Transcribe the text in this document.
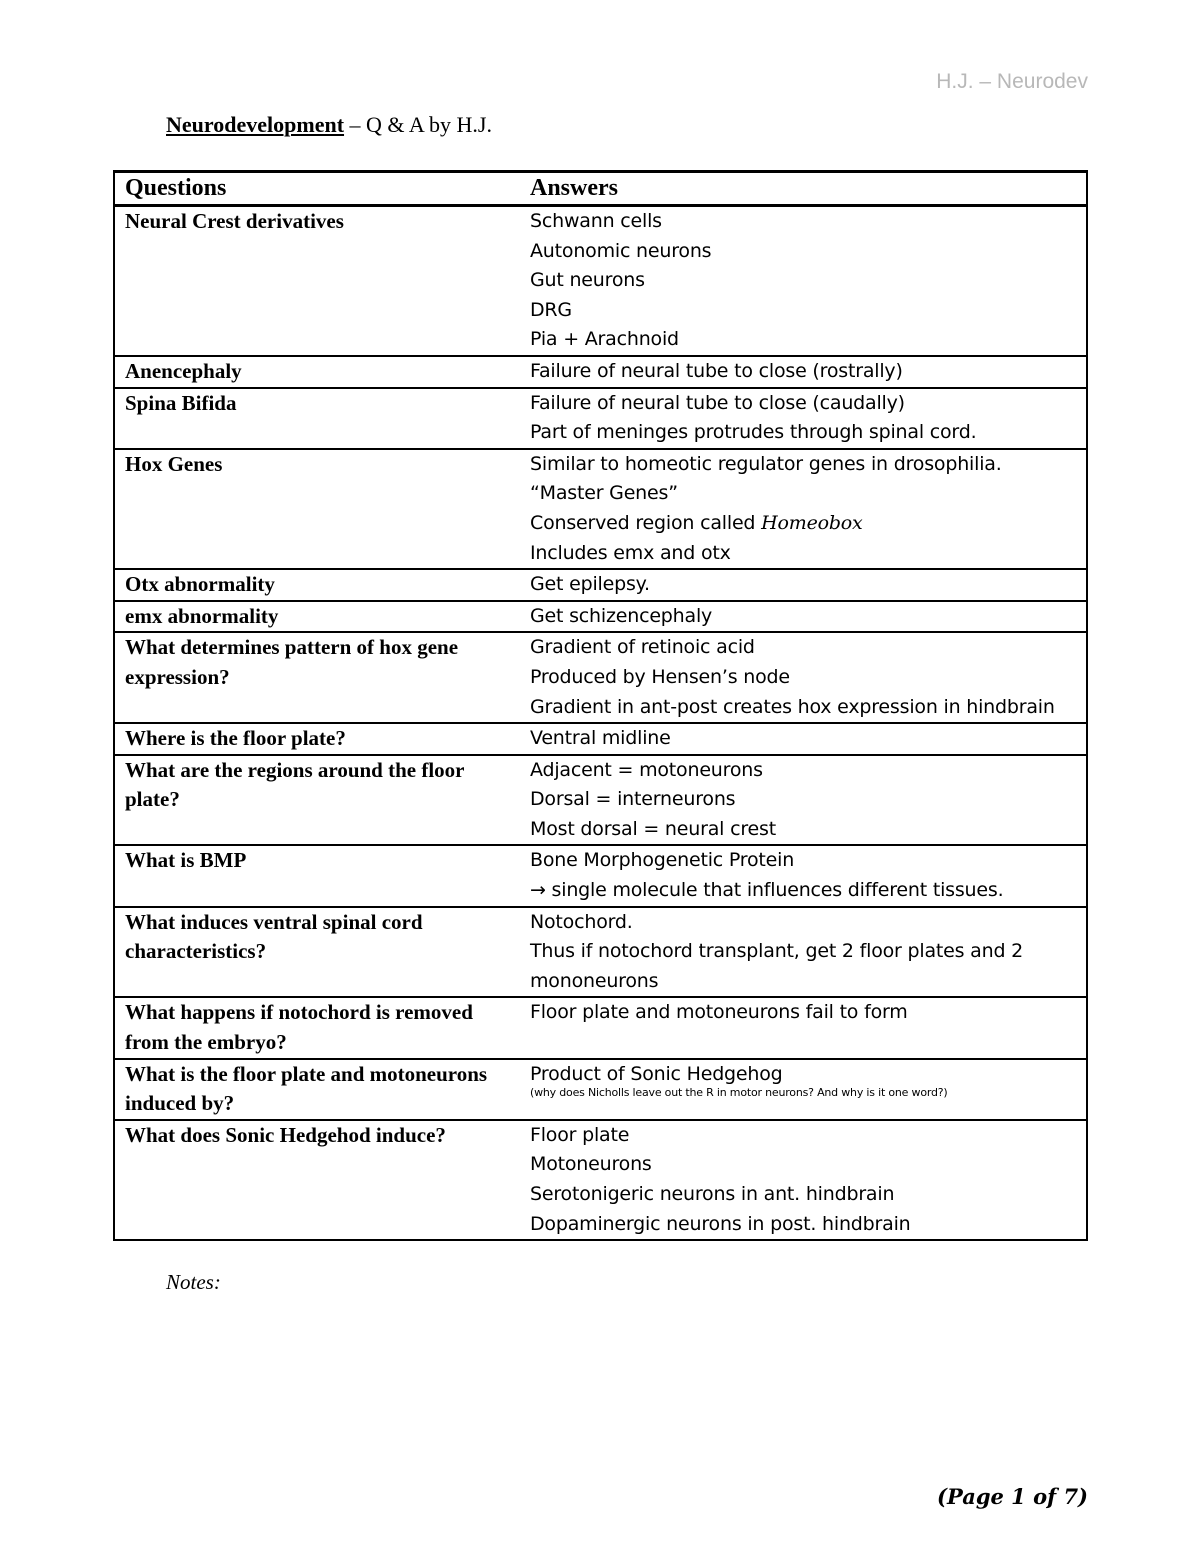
H.J. – Neurodev
Neurodevelopment – Q & A by H.J.
Questions	Answers
Neural Crest derivatives	Schwann cells
Autonomic neurons
Gut neurons
DRG
Pia + Arachnoid

Anencephaly	Failure of neural tube to close (rostrally)

Spina Bifida	Failure of neural tube to close (caudally)
Part of meninges protrudes through spinal cord.

Hox Genes	Similar to homeotic regulator genes in drosophilia.
“Master Genes”
Conserved region called Homeobox
Includes emx and otx

Otx abnormality	Get epilepsy.

emx abnormality	Get schizencephaly

What determines pattern of hox gene expression?	Gradient of retinoic acid
Produced by Hensen’s node
Gradient in ant-post creates hox expression in hindbrain

Where is the floor plate?	Ventral midline

What are the regions around the floor plate?	Adjacent = motoneurons
Dorsal = interneurons
Most dorsal = neural crest

What is BMP	Bone Morphogenetic Protein
→ single molecule that influences different tissues.

What induces ventral spinal cord characteristics?	Notochord.
Thus if notochord transplant, get 2 floor plates and 2 mononeurons

What happens if notochord is removed from the embryo?	Floor plate and motoneurons fail to form

What is the floor plate and motoneurons induced by?	Product of Sonic Hedgehog
(why does Nicholls leave out the R in motor neurons? And why is it one word?)

What does Sonic Hedgehod induce?	Floor plate
Motoneurons
Serotonigeric neurons in ant. hindbrain
Dopaminergic neurons in post. hindbrain
Notes:
(Page 1 of 7)
